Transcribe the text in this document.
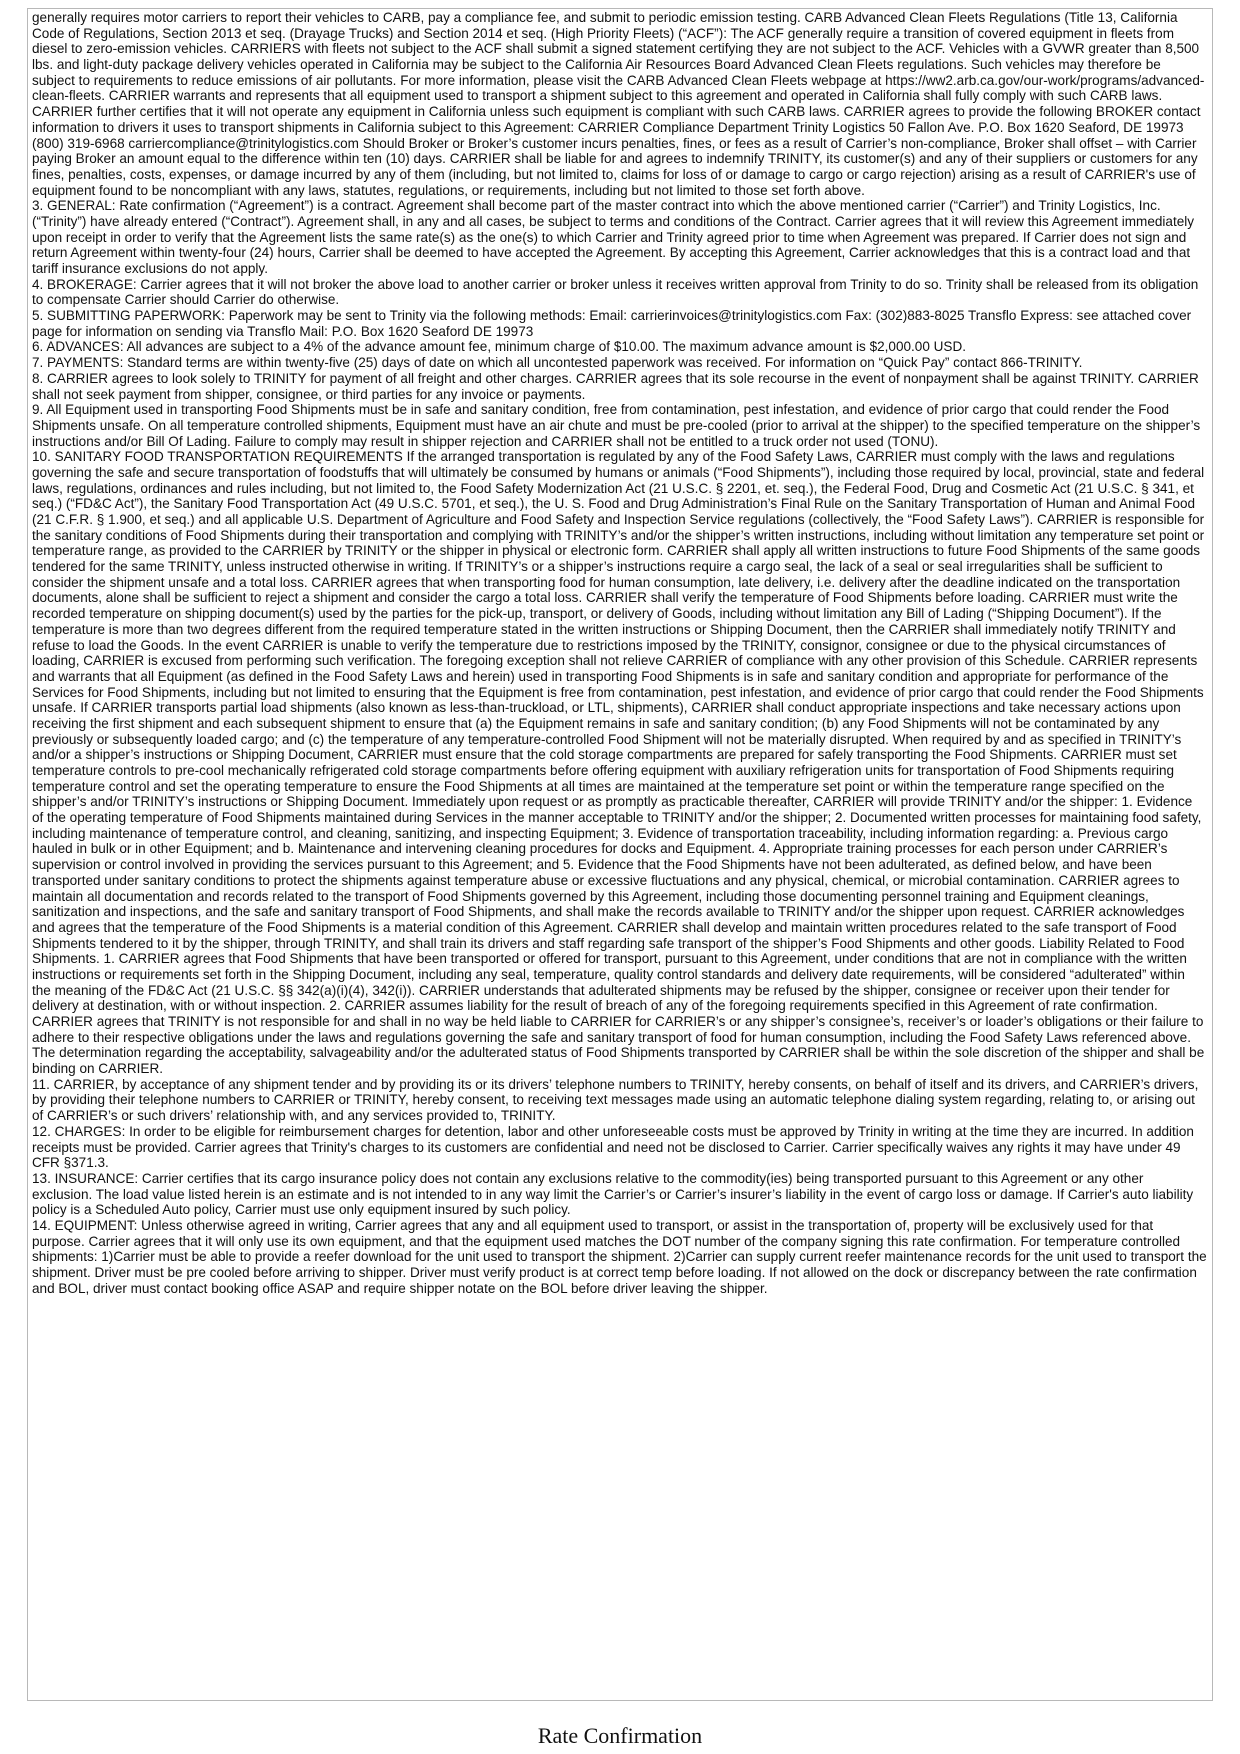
generally requires motor carriers to report their vehicles to CARB, pay a compliance fee, and submit to periodic emission testing. CARB Advanced Clean Fleets Regulations (Title 13, California Code of Regulations, Section 2013 et seq. (Drayage Trucks) and Section 2014 et seq. (High Priority Fleets) (“ACF”): The ACF generally require a transition of covered equipment in fleets from diesel to zero-emission vehicles. CARRIERS with fleets not subject to the ACF shall submit a signed statement certifying they are not subject to the ACF. Vehicles with a GVWR greater than 8,500 lbs. and light-duty package delivery vehicles operated in California may be subject to the California Air Resources Board Advanced Clean Fleets regulations. Such vehicles may therefore be subject to requirements to reduce emissions of air pollutants. For more information, please visit the CARB Advanced Clean Fleets webpage at https://ww2.arb.ca.gov/our-work/programs/advanced-clean-fleets. CARRIER warrants and represents that all equipment used to transport a shipment subject to this agreement and operated in California shall fully comply with such CARB laws. CARRIER further certifies that it will not operate any equipment in California unless such equipment is compliant with such CARB laws. CARRIER agrees to provide the following BROKER contact information to drivers it uses to transport shipments in California subject to this Agreement: CARRIER Compliance Department Trinity Logistics 50 Fallon Ave. P.O. Box 1620 Seaford, DE 19973 (800) 319-6968 carriercompliance@trinitylogistics.com Should Broker or Broker’s customer incurs penalties, fines, or fees as a result of Carrier’s non-compliance, Broker shall offset – with Carrier paying Broker an amount equal to the difference within ten (10) days. CARRIER shall be liable for and agrees to indemnify TRINITY, its customer(s) and any of their suppliers or customers for any fines, penalties, costs, expenses, or damage incurred by any of them (including, but not limited to, claims for loss of or damage to cargo or cargo rejection) arising as a result of CARRIER's use of equipment found to be noncompliant with any laws, statutes, regulations, or requirements, including but not limited to those set forth above.

3. GENERAL: Rate confirmation (“Agreement”) is a contract. Agreement shall become part of the master contract into which the above mentioned carrier (“Carrier”) and Trinity Logistics, Inc. (“Trinity”) have already entered (“Contract”). Agreement shall, in any and all cases, be subject to terms and conditions of the Contract. Carrier agrees that it will review this Agreement immediately upon receipt in order to verify that the Agreement lists the same rate(s) as the one(s) to which Carrier and Trinity agreed prior to time when Agreement was prepared. If Carrier does not sign and return Agreement within twenty-four (24) hours, Carrier shall be deemed to have accepted the Agreement. By accepting this Agreement, Carrier acknowledges that this is a contract load and that tariff insurance exclusions do not apply.

4. BROKERAGE: Carrier agrees that it will not broker the above load to another carrier or broker unless it receives written approval from Trinity to do so. Trinity shall be released from its obligation to compensate Carrier should Carrier do otherwise.

5. SUBMITTING PAPERWORK: Paperwork may be sent to Trinity via the following methods: Email: carrierinvoices@trinitylogistics.com Fax: (302)883-8025 Transflo Express: see attached cover page for information on sending via Transflo Mail: P.O. Box 1620 Seaford DE 19973

6. ADVANCES: All advances are subject to a 4% of the advance amount fee, minimum charge of $10.00. The maximum advance amount is $2,000.00 USD.

7. PAYMENTS: Standard terms are within twenty-five (25) days of date on which all uncontested paperwork was received. For information on “Quick Pay” contact 866-TRINITY.

8. CARRIER agrees to look solely to TRINITY for payment of all freight and other charges. CARRIER agrees that its sole recourse in the event of nonpayment shall be against TRINITY. CARRIER shall not seek payment from shipper, consignee, or third parties for any invoice or payments.

9. All Equipment used in transporting Food Shipments must be in safe and sanitary condition, free from contamination, pest infestation, and evidence of prior cargo that could render the Food Shipments unsafe. On all temperature controlled shipments, Equipment must have an air chute and must be pre-cooled (prior to arrival at the shipper) to the specified temperature on the shipper’s instructions and/or Bill Of Lading. Failure to comply may result in shipper rejection and CARRIER shall not be entitled to a truck order not used (TONU).

10. SANITARY FOOD TRANSPORTATION REQUIREMENTS If the arranged transportation is regulated by any of the Food Safety Laws, CARRIER must comply with the laws and regulations governing the safe and secure transportation of foodstuffs that will ultimately be consumed by humans or animals (“Food Shipments”), including those required by local, provincial, state and federal laws, regulations, ordinances and rules including, but not limited to, the Food Safety Modernization Act (21 U.S.C. § 2201, et. seq.), the Federal Food, Drug and Cosmetic Act (21 U.S.C. § 341, et seq.) (“FD&C Act”), the Sanitary Food Transportation Act (49 U.S.C. 5701, et seq.), the U. S. Food and Drug Administration’s Final Rule on the Sanitary Transportation of Human and Animal Food (21 C.F.R. § 1.900, et seq.) and all applicable U.S. Department of Agriculture and Food Safety and Inspection Service regulations (collectively, the “Food Safety Laws”). CARRIER is responsible for the sanitary conditions of Food Shipments during their transportation and complying with TRINITY’s and/or the shipper’s written instructions, including without limitation any temperature set point or temperature range, as provided to the CARRIER by TRINITY or the shipper in physical or electronic form. CARRIER shall apply all written instructions to future Food Shipments of the same goods tendered for the same TRINITY, unless instructed otherwise in writing. If TRINITY’s or a shipper’s instructions require a cargo seal, the lack of a seal or seal irregularities shall be sufficient to consider the shipment unsafe and a total loss. CARRIER agrees that when transporting food for human consumption, late delivery, i.e. delivery after the deadline indicated on the transportation documents, alone shall be sufficient to reject a shipment and consider the cargo a total loss. CARRIER shall verify the temperature of Food Shipments before loading. CARRIER must write the recorded temperature on shipping document(s) used by the parties for the pick-up, transport, or delivery of Goods, including without limitation any Bill of Lading (“Shipping Document”). If the temperature is more than two degrees different from the required temperature stated in the written instructions or Shipping Document, then the CARRIER shall immediately notify TRINITY and refuse to load the Goods. In the event CARRIER is unable to verify the temperature due to restrictions imposed by the TRINITY, consignor, consignee or due to the physical circumstances of loading, CARRIER is excused from performing such verification. The foregoing exception shall not relieve CARRIER of compliance with any other provision of this Schedule. CARRIER represents and warrants that all Equipment (as defined in the Food Safety Laws and herein) used in transporting Food Shipments is in safe and sanitary condition and appropriate for performance of the Services for Food Shipments, including but not limited to ensuring that the Equipment is free from contamination, pest infestation, and evidence of prior cargo that could render the Food Shipments unsafe. If CARRIER transports partial load shipments (also known as less-than-truckload, or LTL, shipments), CARRIER shall conduct appropriate inspections and take necessary actions upon receiving the first shipment and each subsequent shipment to ensure that (a) the Equipment remains in safe and sanitary condition; (b) any Food Shipments will not be contaminated by any previously or subsequently loaded cargo; and (c) the temperature of any temperature-controlled Food Shipment will not be materially disrupted. When required by and as specified in TRINITY’s and/or a shipper’s instructions or Shipping Document, CARRIER must ensure that the cold storage compartments are prepared for safely transporting the Food Shipments. CARRIER must set temperature controls to pre-cool mechanically refrigerated cold storage compartments before offering equipment with auxiliary refrigeration units for transportation of Food Shipments requiring temperature control and set the operating temperature to ensure the Food Shipments at all times are maintained at the temperature set point or within the temperature range specified on the shipper’s and/or TRINITY’s instructions or Shipping Document. Immediately upon request or as promptly as practicable thereafter, CARRIER will provide TRINITY and/or the shipper: 1. Evidence of the operating temperature of Food Shipments maintained during Services in the manner acceptable to TRINITY and/or the shipper; 2. Documented written processes for maintaining food safety, including maintenance of temperature control, and cleaning, sanitizing, and inspecting Equipment; 3. Evidence of transportation traceability, including information regarding: a. Previous cargo hauled in bulk or in other Equipment; and b. Maintenance and intervening cleaning procedures for docks and Equipment. 4. Appropriate training processes for each person under CARRIER’s supervision or control involved in providing the services pursuant to this Agreement; and 5. Evidence that the Food Shipments have not been adulterated, as defined below, and have been transported under sanitary conditions to protect the shipments against temperature abuse or excessive fluctuations and any physical, chemical, or microbial contamination. CARRIER agrees to maintain all documentation and records related to the transport of Food Shipments governed by this Agreement, including those documenting personnel training and Equipment cleanings, sanitization and inspections, and the safe and sanitary transport of Food Shipments, and shall make the records available to TRINITY and/or the shipper upon request. CARRIER acknowledges and agrees that the temperature of the Food Shipments is a material condition of this Agreement. CARRIER shall develop and maintain written procedures related to the safe transport of Food Shipments tendered to it by the shipper, through TRINITY, and shall train its drivers and staff regarding safe transport of the shipper’s Food Shipments and other goods. Liability Related to Food Shipments. 1. CARRIER agrees that Food Shipments that have been transported or offered for transport, pursuant to this Agreement, under conditions that are not in compliance with the written instructions or requirements set forth in the Shipping Document, including any seal, temperature, quality control standards and delivery date requirements, will be considered “adulterated” within the meaning of the FD&C Act (21 U.S.C. §§ 342(a)(i)(4), 342(i)). CARRIER understands that adulterated shipments may be refused by the shipper, consignee or receiver upon their tender for delivery at destination, with or without inspection. 2. CARRIER assumes liability for the result of breach of any of the foregoing requirements specified in this Agreement of rate confirmation. CARRIER agrees that TRINITY is not responsible for and shall in no way be held liable to CARRIER for CARRIER’s or any shipper’s consignee’s, receiver’s or loader’s obligations or their failure to adhere to their respective obligations under the laws and regulations governing the safe and sanitary transport of food for human consumption, including the Food Safety Laws referenced above. The determination regarding the acceptability, salvageability and/or the adulterated status of Food Shipments transported by CARRIER shall be within the sole discretion of the shipper and shall be binding on CARRIER.

11. CARRIER, by acceptance of any shipment tender and by providing its or its drivers’ telephone numbers to TRINITY, hereby consents, on behalf of itself and its drivers, and CARRIER’s drivers, by providing their telephone numbers to CARRIER or TRINITY, hereby consent, to receiving text messages made using an automatic telephone dialing system regarding, relating to, or arising out of CARRIER’s or such drivers’ relationship with, and any services provided to, TRINITY.

12. CHARGES: In order to be eligible for reimbursement charges for detention, labor and other unforeseeable costs must be approved by Trinity in writing at the time they are incurred. In addition receipts must be provided. Carrier agrees that Trinity's charges to its customers are confidential and need not be disclosed to Carrier. Carrier specifically waives any rights it may have under 49 CFR §371.3.

13. INSURANCE: Carrier certifies that its cargo insurance policy does not contain any exclusions relative to the commodity(ies) being transported pursuant to this Agreement or any other exclusion. The load value listed herein is an estimate and is not intended to in any way limit the Carrier’s or Carrier’s insurer’s liability in the event of cargo loss or damage. If Carrier's auto liability policy is a Scheduled Auto policy, Carrier must use only equipment insured by such policy.

14. EQUIPMENT: Unless otherwise agreed in writing, Carrier agrees that any and all equipment used to transport, or assist in the transportation of, property will be exclusively used for that purpose. Carrier agrees that it will only use its own equipment, and that the equipment used matches the DOT number of the company signing this rate confirmation. For temperature controlled shipments: 1)Carrier must be able to provide a reefer download for the unit used to transport the shipment. 2)Carrier can supply current reefer maintenance records for the unit used to transport the shipment. Driver must be pre cooled before arriving to shipper. Driver must verify product is at correct temp before loading. If not allowed on the dock or discrepancy between the rate confirmation and BOL, driver must contact booking office ASAP and require shipper notate on the BOL before driver leaving the shipper.

Rate Confirmation
